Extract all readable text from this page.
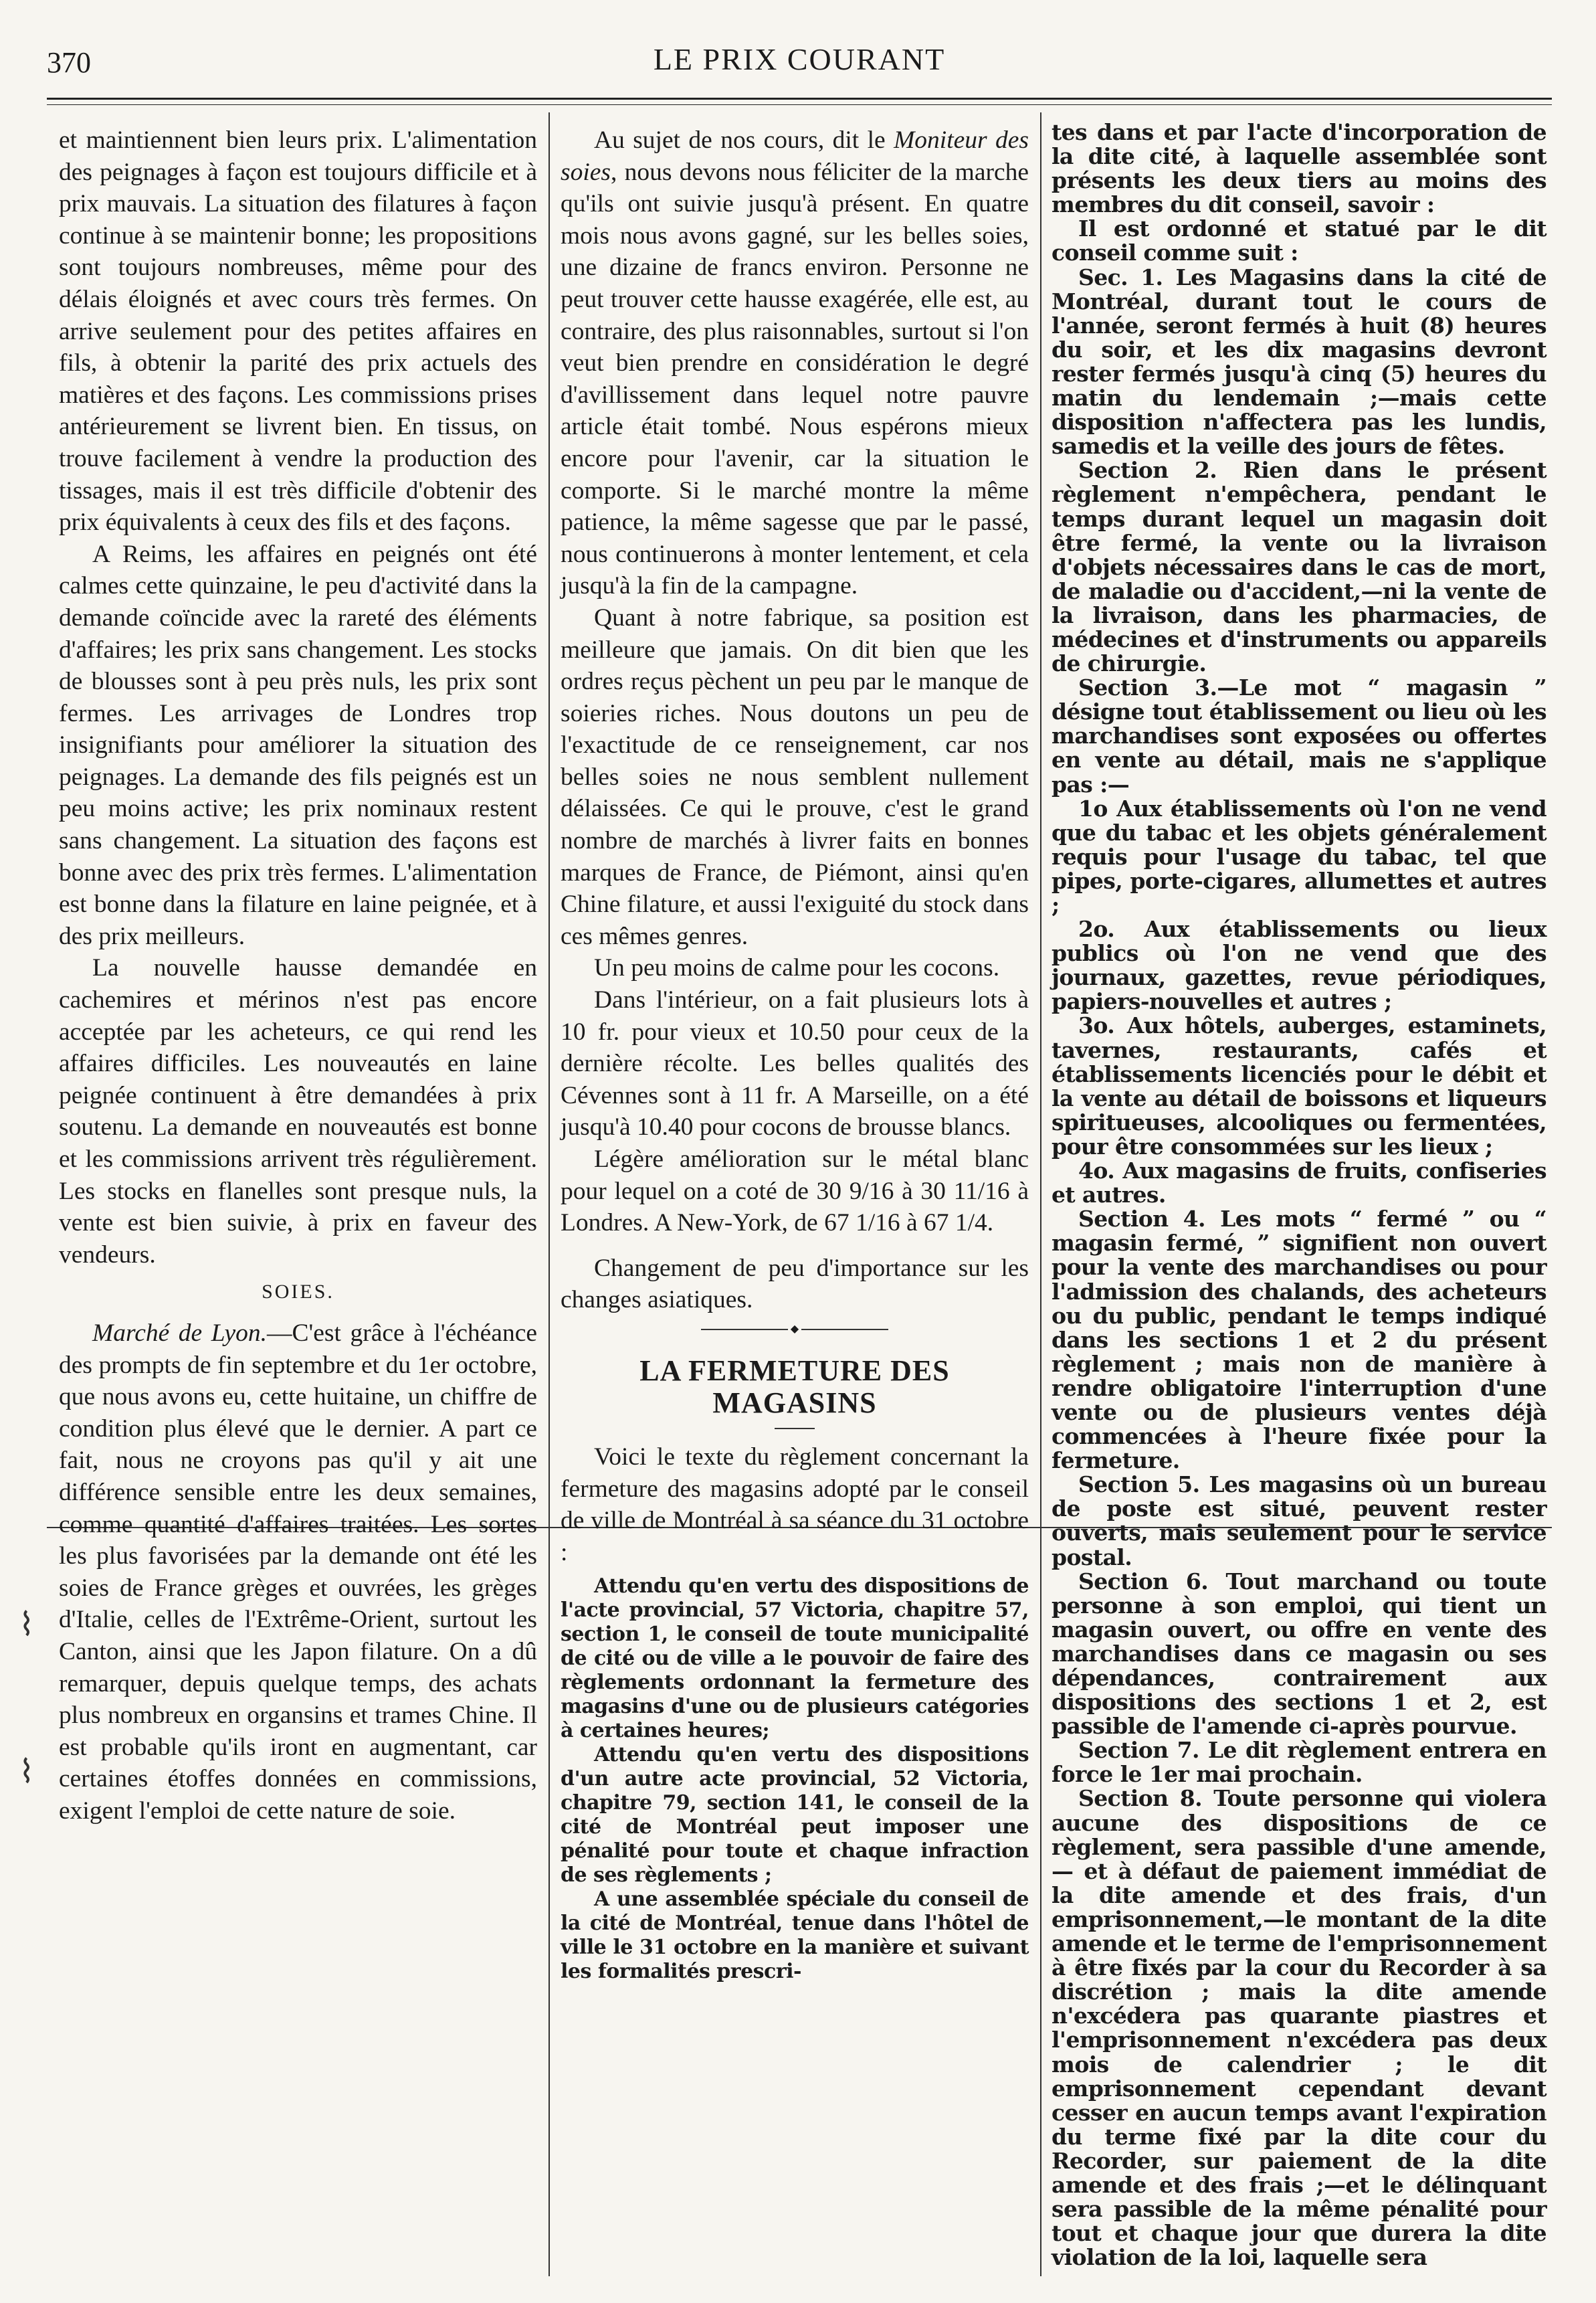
370	LE PRIX COURANT

et maintiennent bien leurs prix. L'alimentation des peignages à façon est toujours difficile et à prix mauvais. La situation des filatures à façon continue à se maintenir bonne; les propositions sont toujours nombreuses, même pour des délais éloignés et avec cours très fermes. On arrive seulement pour des petites affaires en fils, à obtenir la parité des prix actuels des matières et des façons. Les commissions prises antérieurement se livrent bien. En tissus, on trouve facilement à vendre la production des tissages, mais il est très difficile d'obtenir des prix équivalents à ceux des fils et des façons.

A Reims, les affaires en peignés ont été calmes cette quinzaine, le peu d'activité dans la demande coïncide avec la rareté des éléments d'affaires; les prix sans changement. Les stocks de blousses sont à peu près nuls, les prix sont fermes. Les arrivages de Londres trop insignifiants pour améliorer la situation des peignages. La demande des fils peignés est un peu moins active; les prix nominaux restent sans changement. La situation des façons est bonne avec des prix très fermes. L'alimentation est bonne dans la filature en laine peignée, et à des prix meilleurs.

La nouvelle hausse demandée en cachemires et mérinos n'est pas encore acceptée par les acheteurs, ce qui rend les affaires difficiles. Les nouveautés en laine peignée continuent à être demandées à prix soutenu. La demande en nouveautés est bonne et les commissions arrivent très régulièrement. Les stocks en flanelles sont presque nuls, la vente est bien suivie, à prix en faveur des vendeurs.

SOIES.

Marché de Lyon.—C'est grâce à l'échéance des prompts de fin septembre et du 1er octobre, que nous avons eu, cette huitaine, un chiffre de condition plus élevé que le dernier. A part ce fait, nous ne croyons pas qu'il y ait une différence sensible entre les deux semaines, comme quantité d'affaires traitées. Les sortes les plus favorisées par la demande ont été les soies de France grèges et ouvrées, les grèges d'Italie, celles de l'Extrême-Orient, surtout les Canton, ainsi que les Japon filature. On a dû remarquer, depuis quelque temps, des achats plus nombreux en organsins et trames Chine. Il est probable qu'ils iront en augmentant, car certaines étoffes données en commissions, exigent l'emploi de cette nature de soie.

Au sujet de nos cours, dit le Moniteur des soies, nous devons nous féliciter de la marche qu'ils ont suivie jusqu'à présent. En quatre mois nous avons gagné, sur les belles soies, une dizaine de francs environ. Personne ne peut trouver cette hausse exagérée, elle est, au contraire, des plus raisonnables, surtout si l'on veut bien prendre en considération le degré d'avillissement dans lequel notre pauvre article était tombé. Nous espérons mieux encore pour l'avenir, car la situation le comporte. Si le marché montre la même patience, la même sagesse que par le passé, nous continuerons à monter lentement, et cela jusqu'à la fin de la campagne.

Quant à notre fabrique, sa position est meilleure que jamais. On dit bien que les ordres reçus pèchent un peu par le manque de soieries riches. Nous doutons un peu de l'exactitude de ce renseignement, car nos belles soies ne nous semblent nullement délaissées. Ce qui le prouve, c'est le grand nombre de marchés à livrer faits en bonnes marques de France, de Piémont, ainsi qu'en Chine filature, et aussi l'exiguité du stock dans ces mêmes genres.

Un peu moins de calme pour les cocons.

Dans l'intérieur, on a fait plusieurs lots à 10 fr. pour vieux et 10.50 pour ceux de la dernière récolte. Les belles qualités des Cévennes sont à 11 fr. A Marseille, on a été jusqu'à 10.40 pour cocons de brousse blancs.

Légère amélioration sur le métal blanc pour lequel on a coté de 30 9/16 à 30 11/16 à Londres. A New-York, de 67 1/16 à 67 1/4.

Changement de peu d'importance sur les changes asiatiques.

◆

LA FERMETURE DES MAGASINS

Voici le texte du règlement concernant la fermeture des magasins adopté par le conseil de ville de Montréal à sa séance du 31 octobre :

Attendu qu'en vertu des dispositions de l'acte provincial, 57 Victoria, chapitre 57, section 1, le conseil de toute municipalité de cité ou de ville a le pouvoir de faire des règlements ordonnant la fermeture des magasins d'une ou de plusieurs catégories à certaines heures;

Attendu qu'en vertu des dispositions d'un autre acte provincial, 52 Victoria, chapitre 79, section 141, le conseil de la cité de Montréal peut imposer une pénalité pour toute et chaque infraction de ses règlements ;

A une assemblée spéciale du conseil de la cité de Montréal, tenue dans l'hôtel de ville le 31 octobre en la manière et suivant les formalités prescri-

tes dans et par l'acte d'incorporation de la dite cité, à laquelle assemblée sont présents les deux tiers au moins des membres du dit conseil, savoir :

Il est ordonné et statué par le dit conseil comme suit :

Sec. 1. Les Magasins dans la cité de Montréal, durant tout le cours de l'année, seront fermés à huit (8) heures du soir, et les dix magasins devront rester fermés jusqu'à cinq (5) heures du matin du lendemain ;—mais cette disposition n'affectera pas les lundis, samedis et la veille des jours de fêtes.

Section 2. Rien dans le présent règlement n'empêchera, pendant le temps durant lequel un magasin doit être fermé, la vente ou la livraison d'objets nécessaires dans le cas de mort, de maladie ou d'accident,—ni la vente de la livraison, dans les pharmacies, de médecines et d'instruments ou appareils de chirurgie.

Section 3.—Le mot “ magasin ” désigne tout établissement ou lieu où les marchandises sont exposées ou offertes en vente au détail, mais ne s'applique pas :—

1o Aux établissements où l'on ne vend que du tabac et les objets généralement requis pour l'usage du tabac, tel que pipes, porte-cigares, allumettes et autres ;

2o. Aux établissements ou lieux publics où l'on ne vend que des journaux, gazettes, revue périodiques, papiers-nouvelles et autres ;

3o. Aux hôtels, auberges, estaminets, tavernes, restaurants, cafés et établissements licenciés pour le débit et la vente au détail de boissons et liqueurs spiritueuses, alcooliques ou fermentées, pour être consommées sur les lieux ;

4o. Aux magasins de fruits, confiseries et autres.

Section 4. Les mots “ fermé ” ou “ magasin fermé, ” signifient non ouvert pour la vente des marchandises ou pour l'admission des chalands, des acheteurs ou du public, pendant le temps indiqué dans les sections 1 et 2 du présent règlement ; mais non de manière à rendre obligatoire l'interruption d'une vente ou de plusieurs ventes déjà commencées à l'heure fixée pour la fermeture.

Section 5. Les magasins où un bureau de poste est situé, peuvent rester ouverts, mais seulement pour le service postal.

Section 6. Tout marchand ou toute personne à son emploi, qui tient un magasin ouvert, ou offre en vente des marchandises dans ce magasin ou ses dépendances, contrairement aux dispositions des sections 1 et 2, est passible de l'amende ci-après pourvue.

Section 7. Le dit règlement entrera en force le 1er mai prochain.

Section 8. Toute personne qui violera aucune des dispositions de ce règlement, sera passible d'une amende, — et à défaut de paiement immédiat de la dite amende et des frais, d'un emprisonnement,—le montant de la dite amende et le terme de l'emprisonnement à être fixés par la cour du Recorder à sa discrétion ; mais la dite amende n'excédera pas quarante piastres et l'emprisonnement n'excédera pas deux mois de calendrier ; le dit emprisonnement cependant devant cesser en aucun temps avant l'expiration du terme fixé par la dite cour du Recorder, sur paiement de la dite amende et des frais ;—et le délinquant sera passible de la même pénalité pour tout et chaque jour que durera la dite violation de la loi, laquelle sera

⌇
⌇
